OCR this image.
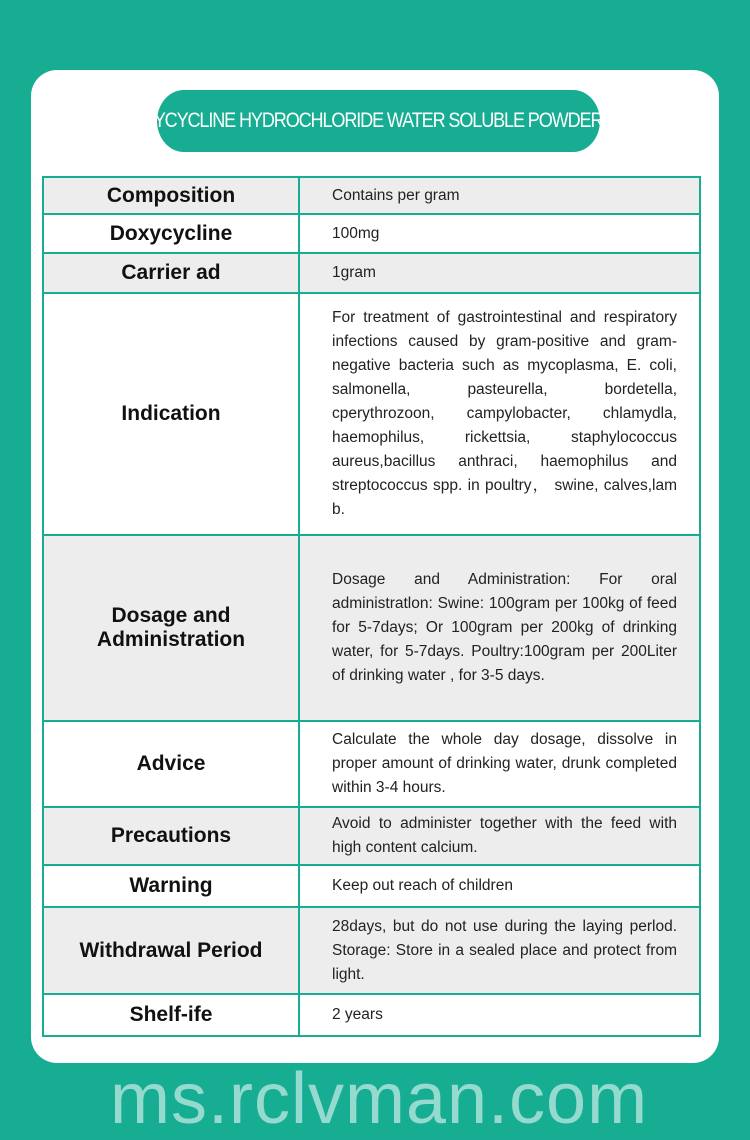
DOXYCYCLINE HYDROCHLORIDE WATER SOLUBLE POWDER 10%
Composition	Contains per gram

Doxycycline	100mg

Carrier ad	1gram

Indication	For treatment of gastrointestinal and respiratory infections caused by gram-positive and gram-negative bacteria such as mycoplasma, E. coli, salmonella, pasteurella, bordetella, cperythrozoon, campylobacter, chlamydla, haemophilus, rickettsia, staphylococcus aureus,bacillus anthraci, haemophilus and streptococcus spp. in poultry， swine, calves,lam b.

Dosage and Administration	Dosage and Administration: For oral administratlon: Swine: 100gram per 100kg of feed for 5-7days; Or 100gram per 200kg of drinking water, for 5-7days. Poultry:100gram per 200Liter of drinking water , for 3-5 days.

Advice	Calculate the whole day dosage, dissolve in proper amount of drinking water, drunk completed within 3-4 hours.

Precautions	Avoid to administer together with the feed with high content calcium.

Warning	Keep out reach of children

Withdrawal Period	28days, but do not use during the laying perlod. Storage: Store in a sealed place and protect from light.

Shelf-ife	2 years
ms.rclvman.com
